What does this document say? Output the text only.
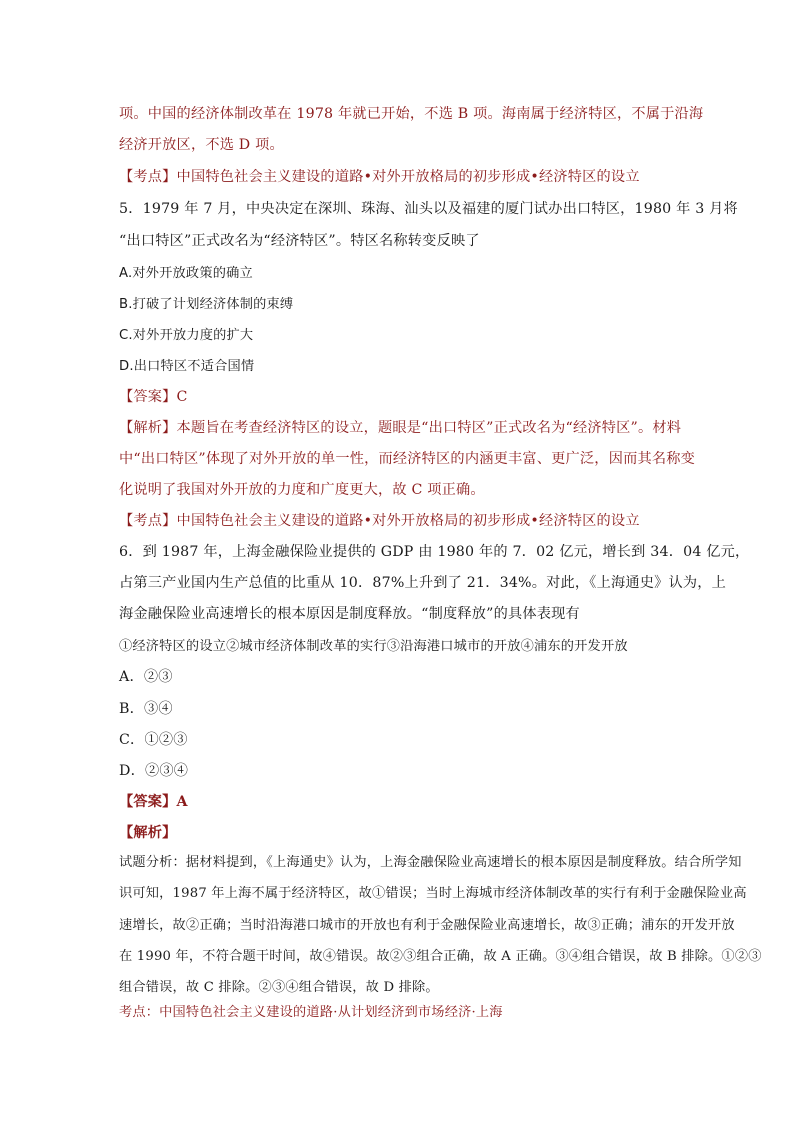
项。中国的经济体制改革在 1978 年就已开始，不选 B 项。海南属于经济特区，不属于沿海
经济开放区，不选 D 项。
【考点】中国特色社会主义建设的道路•对外开放格局的初步形成•经济特区的设立
5．1979 年 7 月，中央决定在深圳、珠海、汕头以及福建的厦门试办出口特区，1980 年 3 月将
“出口特区”正式改名为“经济特区”。特区名称转变反映了
A.对外开放政策的确立
B.打破了计划经济体制的束缚
C.对外开放力度的扩大
D.出口特区不适合国情
【答案】C
【解析】本题旨在考查经济特区的设立，题眼是“出口特区”正式改名为“经济特区”。材料
中“出口特区”体现了对外开放的单一性，而经济特区的内涵更丰富、更广泛，因而其名称变
化说明了我国对外开放的力度和广度更大，故 C 项正确。
【考点】中国特色社会主义建设的道路•对外开放格局的初步形成•经济特区的设立
6．到 1987 年，上海金融保险业提供的 GDP 由 1980 年的 7．02 亿元，增长到 34．04 亿元，
占第三产业国内生产总值的比重从 10．87%上升到了 21．34%。对此，《上海通史》认为，上
海金融保险业高速增长的根本原因是制度释放。“制度释放”的具体表现有
①经济特区的设立②城市经济体制改革的实行③沿海港口城市的开放④浦东的开发开放
A．②③
B．③④
C．①②③
D．②③④
【答案】A
【解析】
试题分析：据材料提到，《上海通史》认为，上海金融保险业高速增长的根本原因是制度释放。结合所学知
识可知，1987 年上海不属于经济特区，故①错误；当时上海城市经济体制改革的实行有利于金融保险业高
速增长，故②正确；当时沿海港口城市的开放也有利于金融保险业高速增长，故③正确；浦东的开发开放
在 1990 年，不符合题干时间，故④错误。故②③组合正确，故 A 正确。③④组合错误，故 B 排除。①②③
组合错误，故 C 排除。②③④组合错误，故 D 排除。
考点：中国特色社会主义建设的道路·从计划经济到市场经济·上海
